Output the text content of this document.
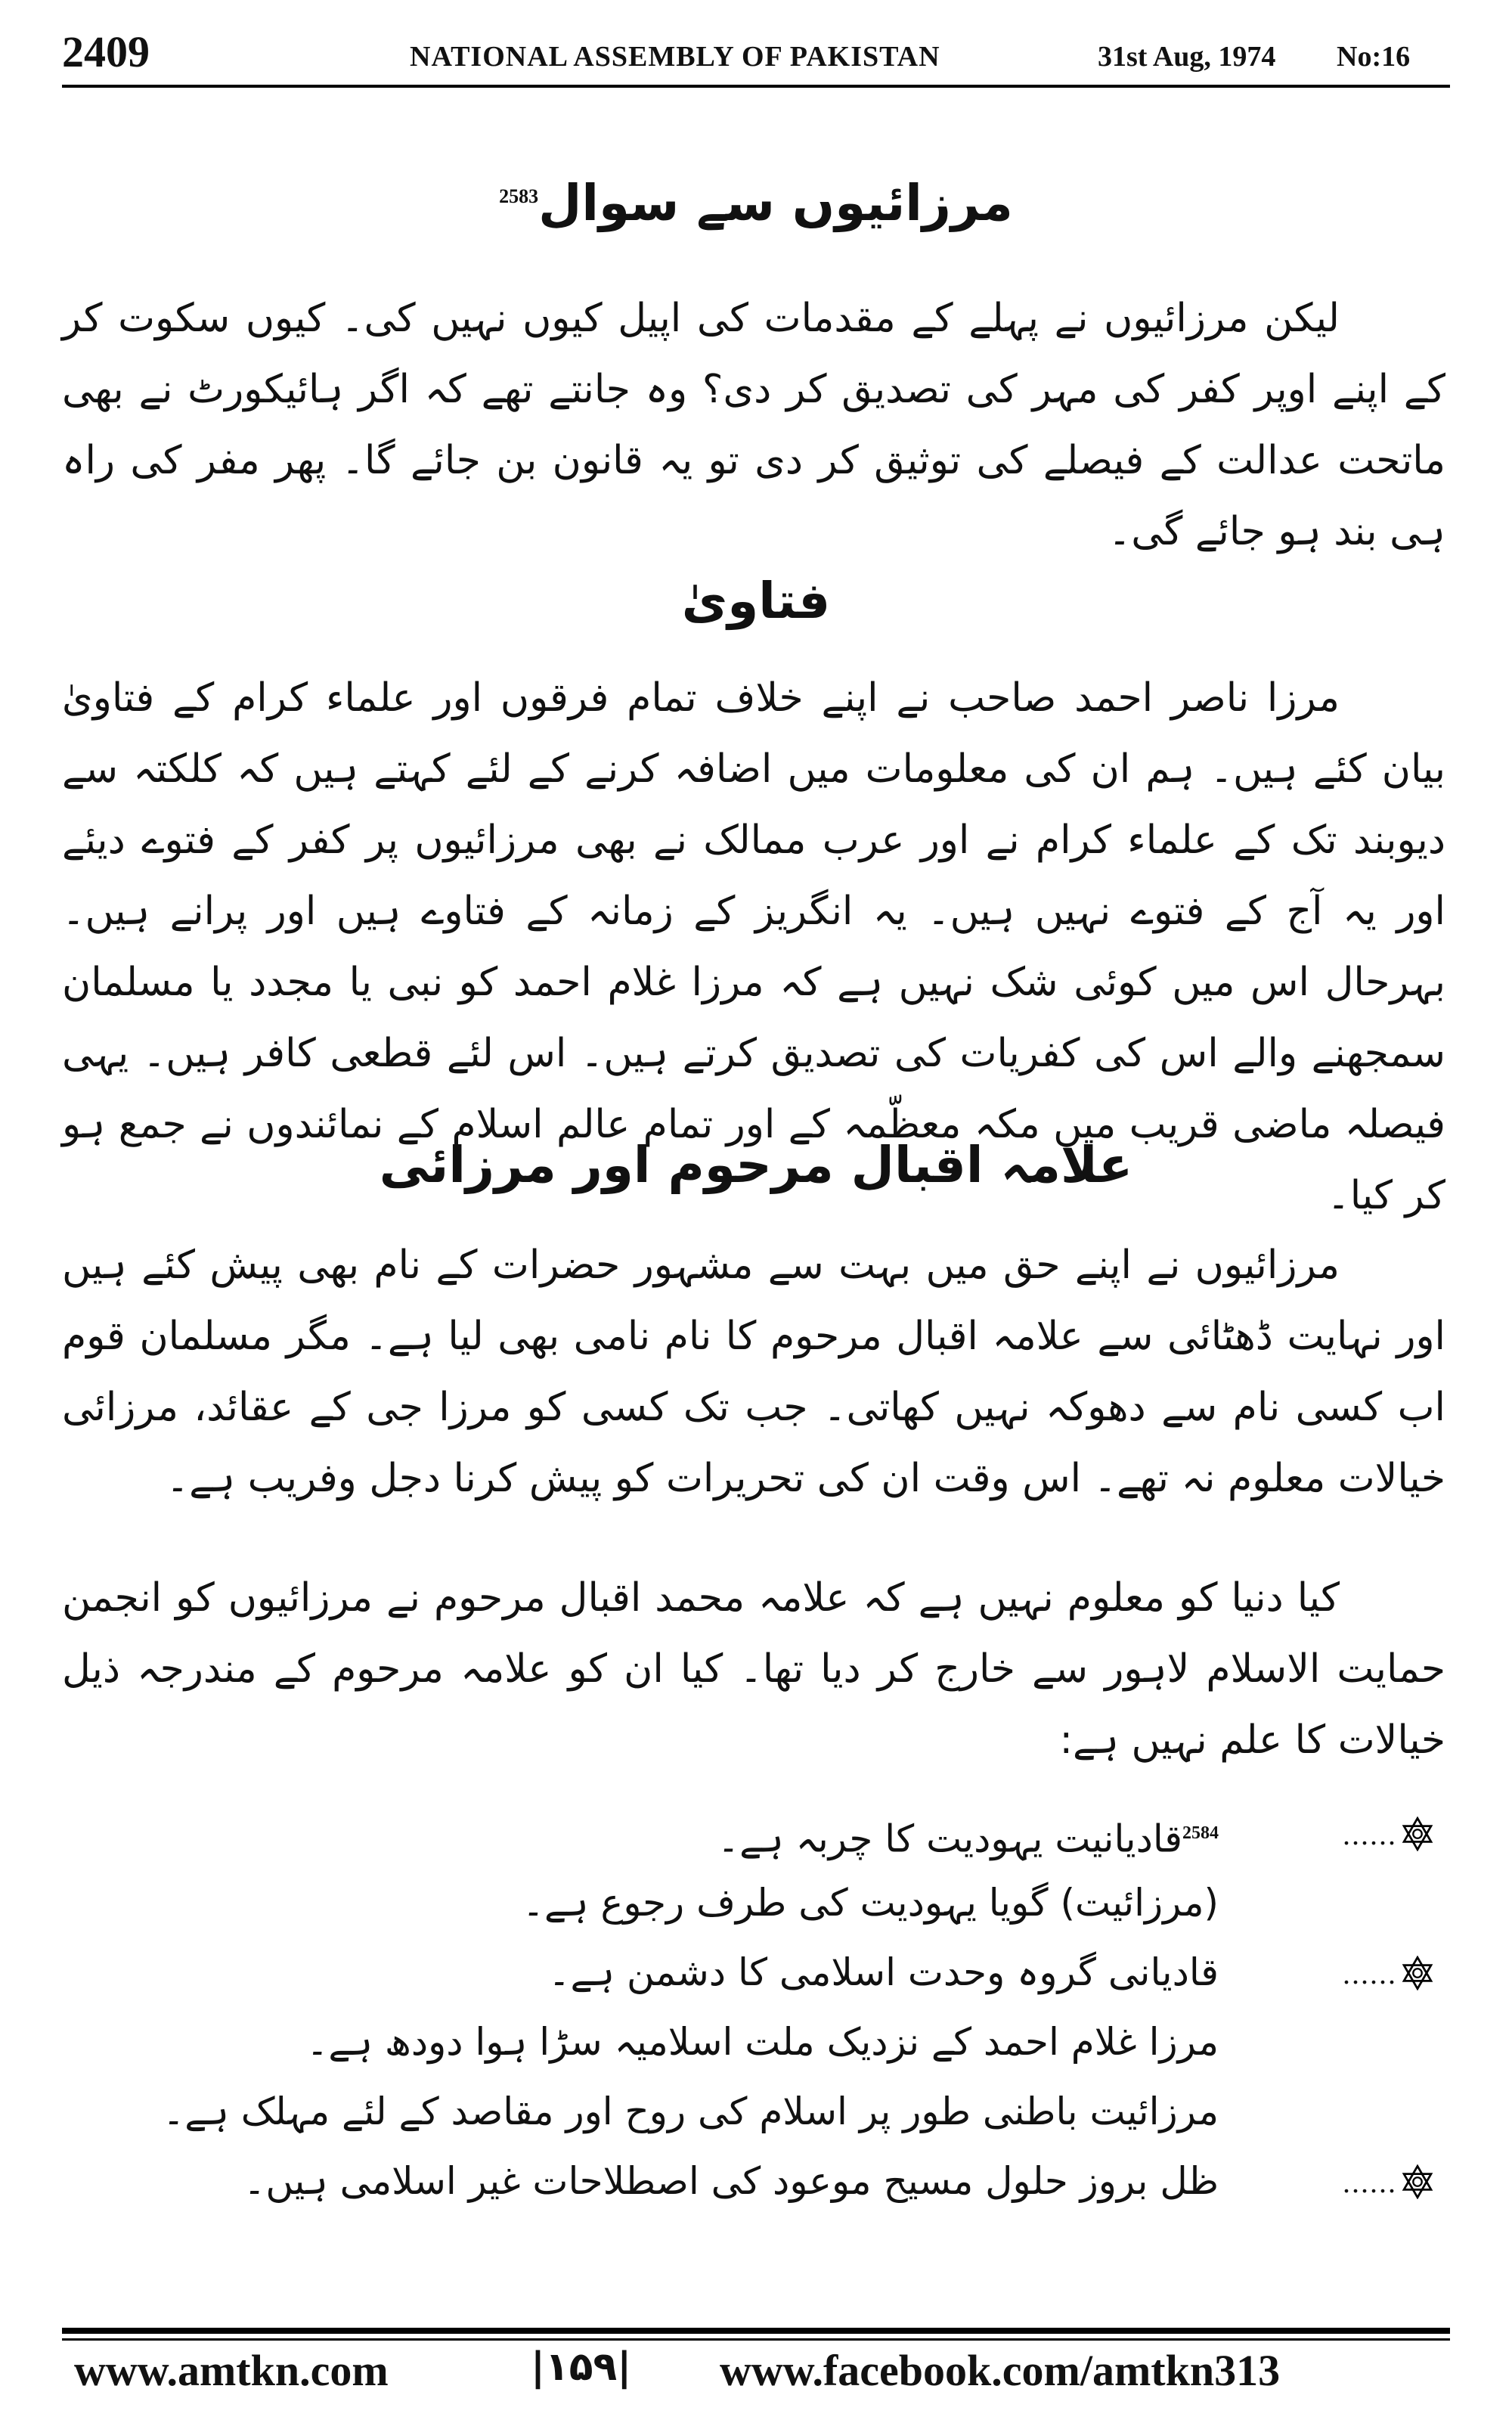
2409	NATIONAL ASSEMBLY OF PAKISTAN	31st Aug, 1974 No:16
مرزائیوں سے سوال$^{2583}$
لیکن مرزائیوں نے پہلے کے مقدمات کی اپیل کیوں نہیں کی۔ کیوں سکوت کر کے اپنے اوپر کفر کی مہر کی تصدیق کر دی؟ وہ جانتے تھے کہ اگر ہائیکورٹ نے بھی ماتحت عدالت کے فیصلے کی توثیق کر دی تو یہ قانون بن جائے گا۔ پھر مفر کی راہ ہی بند ہو جائے گی۔
فتاویٰ
مرزا ناصر احمد صاحب نے اپنے خلاف تمام فرقوں اور علماء کرام کے فتاویٰ بیان کئے ہیں۔ ہم ان کی معلومات میں اضافہ کرنے کے لئے کہتے ہیں کہ کلکتہ سے دیوبند تک کے علماء کرام نے اور عرب ممالک نے بھی مرزائیوں پر کفر کے فتوے دیئے اور یہ آج کے فتوے نہیں ہیں۔ یہ انگریز کے زمانہ کے فتاوے ہیں اور پرانے ہیں۔ بہرحال اس میں کوئی شک نہیں ہے کہ مرزا غلام احمد کو نبی یا مجدد یا مسلمان سمجھنے والے اس کی کفریات کی تصدیق کرتے ہیں۔ اس لئے قطعی کافر ہیں۔ یہی فیصلہ ماضی قریب میں مکہ معظّمہ کے اور تمام عالم اسلام کے نمائندوں نے جمع ہو کر کیا۔
علامہ اقبال مرحوم اور مرزائی
مرزائیوں نے اپنے حق میں بہت سے مشہور حضرات کے نام بھی پیش کئے ہیں اور نہایت ڈھٹائی سے علامہ اقبال مرحوم کا نام نامی بھی لیا ہے۔ مگر مسلمان قوم اب کسی نام سے دھوکہ نہیں کھاتی۔ جب تک کسی کو مرزا جی کے عقائد، مرزائی خیالات معلوم نہ تھے۔ اس وقت ان کی تحریرات کو پیش کرنا دجل وفریب ہے۔
کیا دنیا کو معلوم نہیں ہے کہ علامہ محمد اقبال مرحوم نے مرزائیوں کو انجمن حمایت الاسلام لاہور سے خارج کر دیا تھا۔ کیا ان کو علامہ مرحوم کے مندرجہ ذیل خیالات کا علم نہیں ہے:
$^{2584}$قادیانیت یہودیت کا چربہ ہے۔	......
(مرزائیت) گویا یہودیت کی طرف رجوع ہے۔
قادیانی گروہ وحدت اسلامی کا دشمن ہے۔	......
مرزا غلام احمد کے نزدیک ملت اسلامیہ سڑا ہوا دودھ ہے۔
مرزائیت باطنی طور پر اسلام کی روح اور مقاصد کے لئے مہلک ہے۔
ظل بروز حلول مسیح موعود کی اصطلاحات غیر اسلامی ہیں۔	......
www.amtkn.com	|۱۵۹| www.facebook.com/amtkn313
